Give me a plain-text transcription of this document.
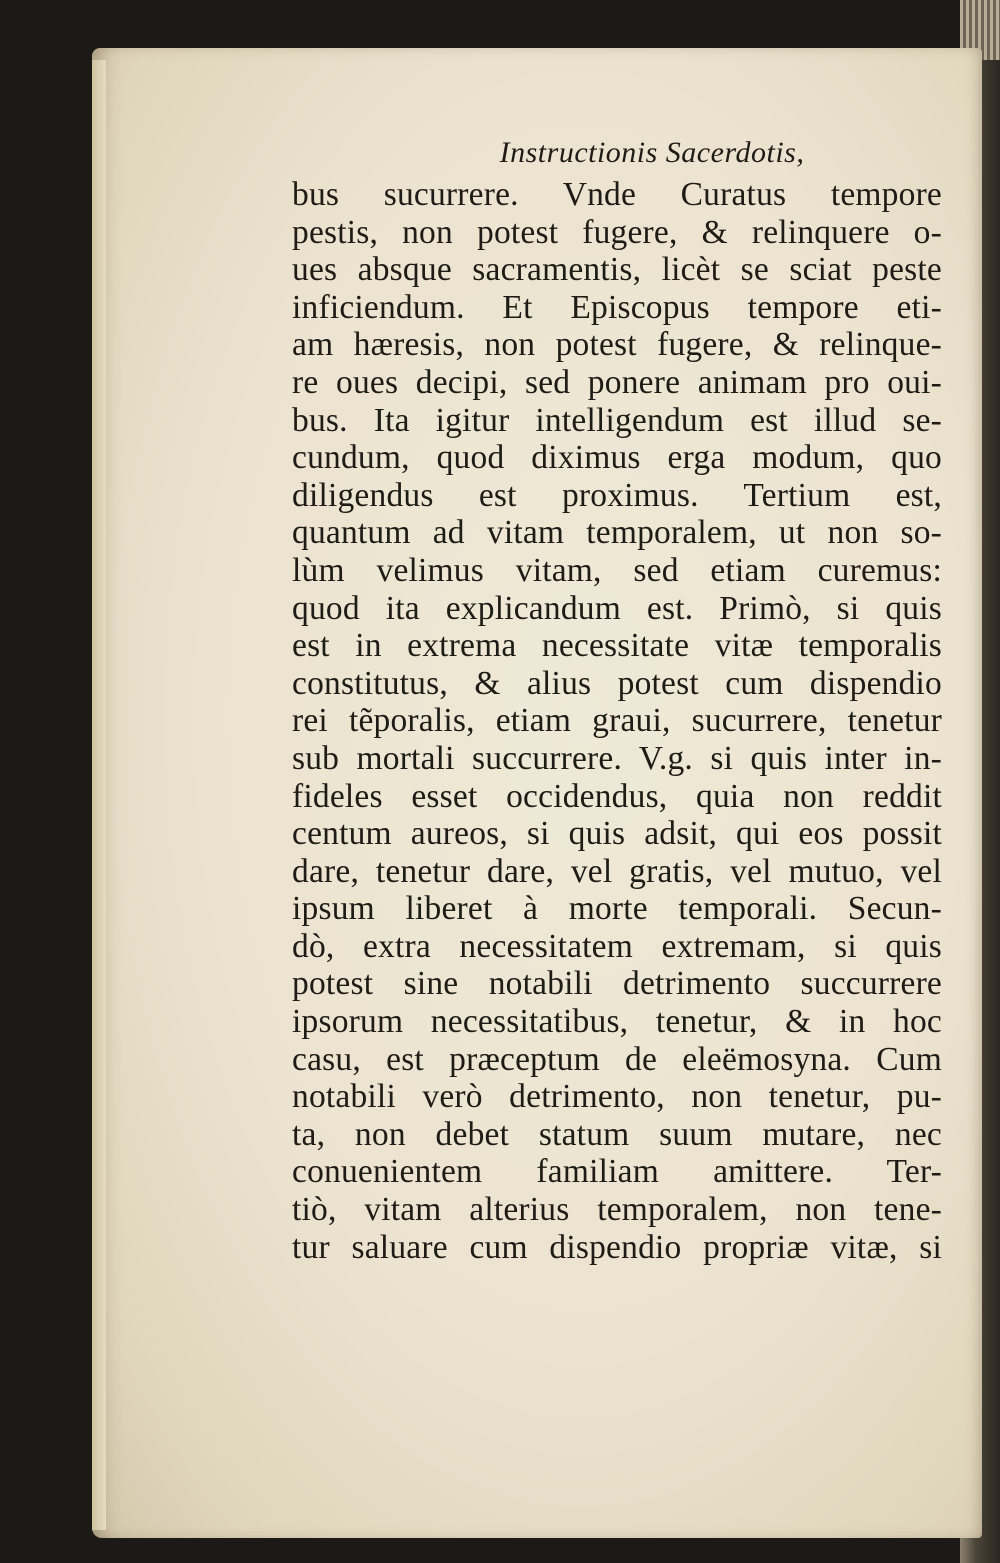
Instructionis Sacerdotis,
bus sucurrere. Vnde Curatus tempore
pestis, non potest fugere, & relinquere o-
ues absque sacramentis, licèt se sciat peste
inficiendum. Et Episcopus tempore eti-
am hæresis, non potest fugere, & relinque-
re oues decipi, sed ponere animam pro oui-
bus. Ita igitur intelligendum est illud se-
cundum, quod diximus erga modum, quo
diligendus est proximus. Tertium est,
quantum ad vitam temporalem, ut non so-
lùm velimus vitam, sed etiam curemus:
quod ita explicandum est. Primò, si quis
est in extrema necessitate vitæ temporalis
constitutus, & alius potest cum dispendio
rei tẽporalis, etiam graui, sucurrere, tenetur
sub mortali succurrere. V.g. si quis inter in-
fideles esset occidendus, quia non reddit
centum aureos, si quis adsit, qui eos possit
dare, tenetur dare, vel gratis, vel mutuo, vel
ipsum liberet à morte temporali. Secun-
dò, extra necessitatem extremam, si quis
potest sine notabili detrimento succurrere
ipsorum necessitatibus, tenetur, & in hoc
casu, est præceptum de eleëmosyna. Cum
notabili verò detrimento, non tenetur, pu-
ta, non debet statum suum mutare, nec
conuenientem familiam amittere. Ter-
tiò, vitam alterius temporalem, non tene-
tur saluare cum dispendio propriæ vitæ, si
